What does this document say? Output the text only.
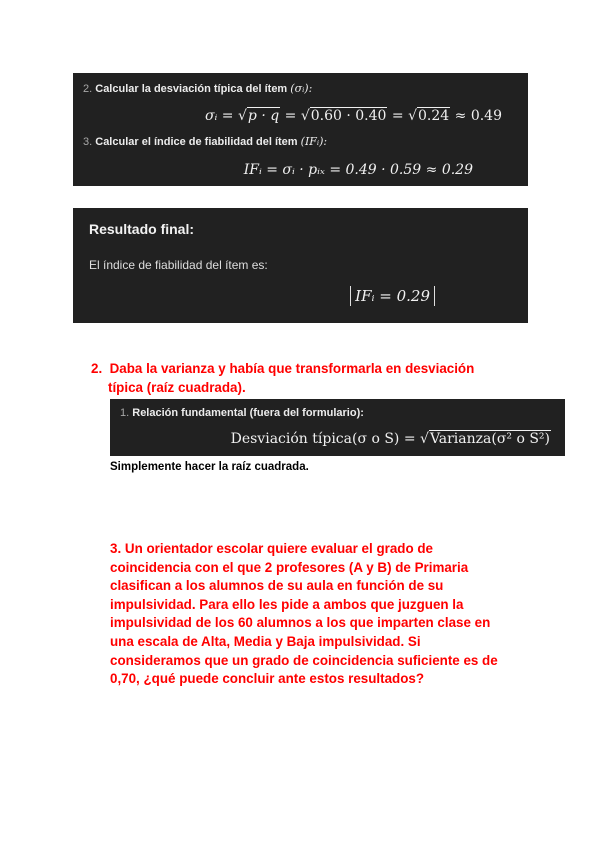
2. Calcular la desviación típica del ítem (σᵢ):
σᵢ = √p · q = √0.60 · 0.40 = √0.24 ≈ 0.49
3. Calcular el índice de fiabilidad del ítem (IFᵢ):
IFᵢ = σᵢ · pᵢₓ = 0.49 · 0.59 ≈ 0.29
Resultado final:
El índice de fiabilidad del ítem es:
IFᵢ = 0.29
2. Daba la varianza y había que transformarla en desviación
típica (raíz cuadrada).
1. Relación fundamental (fuera del formulario):
Desviación típica(σ o S) = √Varianza(σ² o S²)
Simplemente hacer la raíz cuadrada.
3. Un orientador escolar quiere evaluar el grado de
coincidencia con el que 2 profesores (A y B) de Primaria
clasifican a los alumnos de su aula en función de su
impulsividad. Para ello les pide a ambos que juzguen la
impulsividad de los 60 alumnos a los que imparten clase en
una escala de Alta, Media y Baja impulsividad. Si
consideramos que un grado de coincidencia suficiente es de
0,70, ¿qué puede concluir ante estos resultados?
